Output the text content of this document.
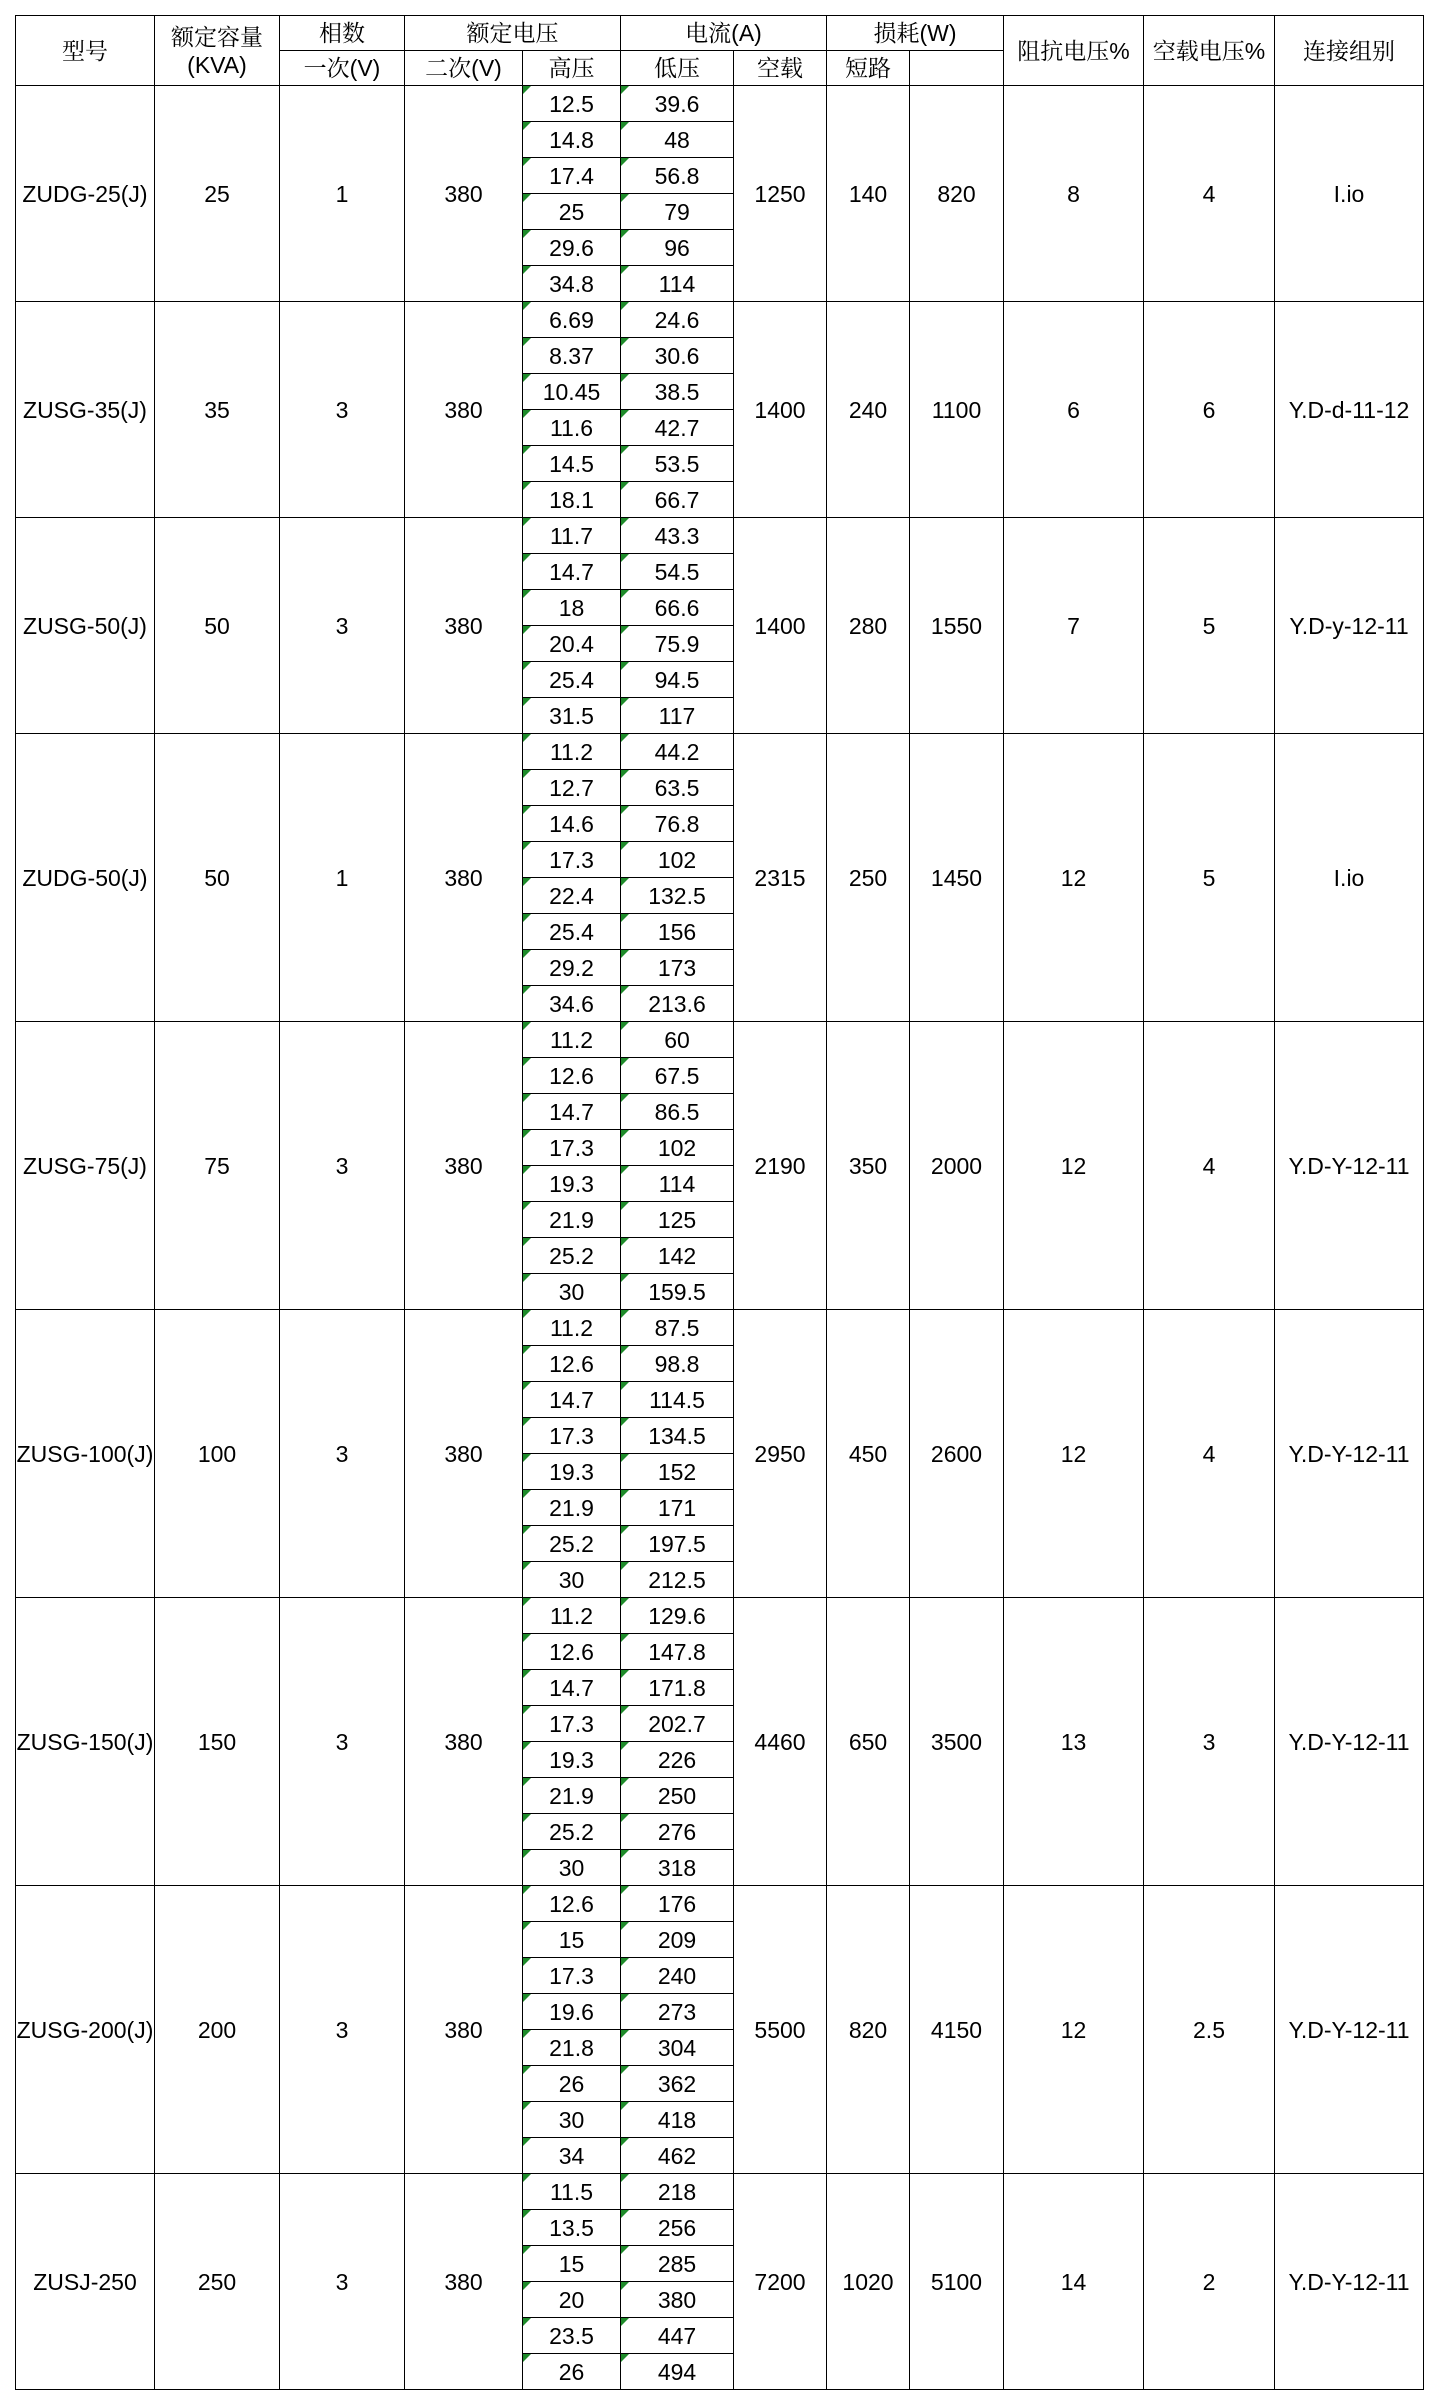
型号	额定容量
(KVA)	相数	额定电压		电流(A)		损耗(W)		阻抗电压%	空载电压%	连接组别
		一次(V)	二次(V)	高压	低压	空载	短路				
ZUDG-25(J)	25	1	380	12.5	39.6	1250	140	820	8	4	I.io
				14.8	48						
				17.4	56.8						
				25	79						
				29.6	96						
				34.8	114						
ZUSG-35(J)	35	3	380	6.69	24.6	1400	240	1100	6	6	Y.D-d-11-12
				8.37	30.6						
				10.45	38.5						
				11.6	42.7						
				14.5	53.5						
				18.1	66.7						
ZUSG-50(J)	50	3	380	11.7	43.3	1400	280	1550	7	5	Y.D-y-12-11
				14.7	54.5						
				18	66.6						
				20.4	75.9						
				25.4	94.5						
				31.5	117						
ZUDG-50(J)	50	1	380	11.2	44.2	2315	250	1450	12	5	I.io
				12.7	63.5						
				14.6	76.8						
				17.3	102						
				22.4	132.5						
				25.4	156						
				29.2	173						
				34.6	213.6						
ZUSG-75(J)	75	3	380	11.2	60	2190	350	2000	12	4	Y.D-Y-12-11
				12.6	67.5						
				14.7	86.5						
				17.3	102						
				19.3	114						
				21.9	125						
				25.2	142						
				30	159.5						
ZUSG-100(J)	100	3	380	11.2	87.5	2950	450	2600	12	4	Y.D-Y-12-11
				12.6	98.8						
				14.7	114.5						
				17.3	134.5						
				19.3	152						
				21.9	171						
				25.2	197.5						
				30	212.5						
ZUSG-150(J)	150	3	380	11.2	129.6	4460	650	3500	13	3	Y.D-Y-12-11
				12.6	147.8						
				14.7	171.8						
				17.3	202.7						
				19.3	226						
				21.9	250						
				25.2	276						
				30	318						
ZUSG-200(J)	200	3	380	12.6	176	5500	820	4150	12	2.5	Y.D-Y-12-11
				15	209						
				17.3	240						
				19.6	273						
				21.8	304						
				26	362						
				30	418						
				34	462						
ZUSJ-250	250	3	380	11.5	218	7200	1020	5100	14	2	Y.D-Y-12-11
				13.5	256						
				15	285						
				20	380						
				23.5	447						
				26	494						
